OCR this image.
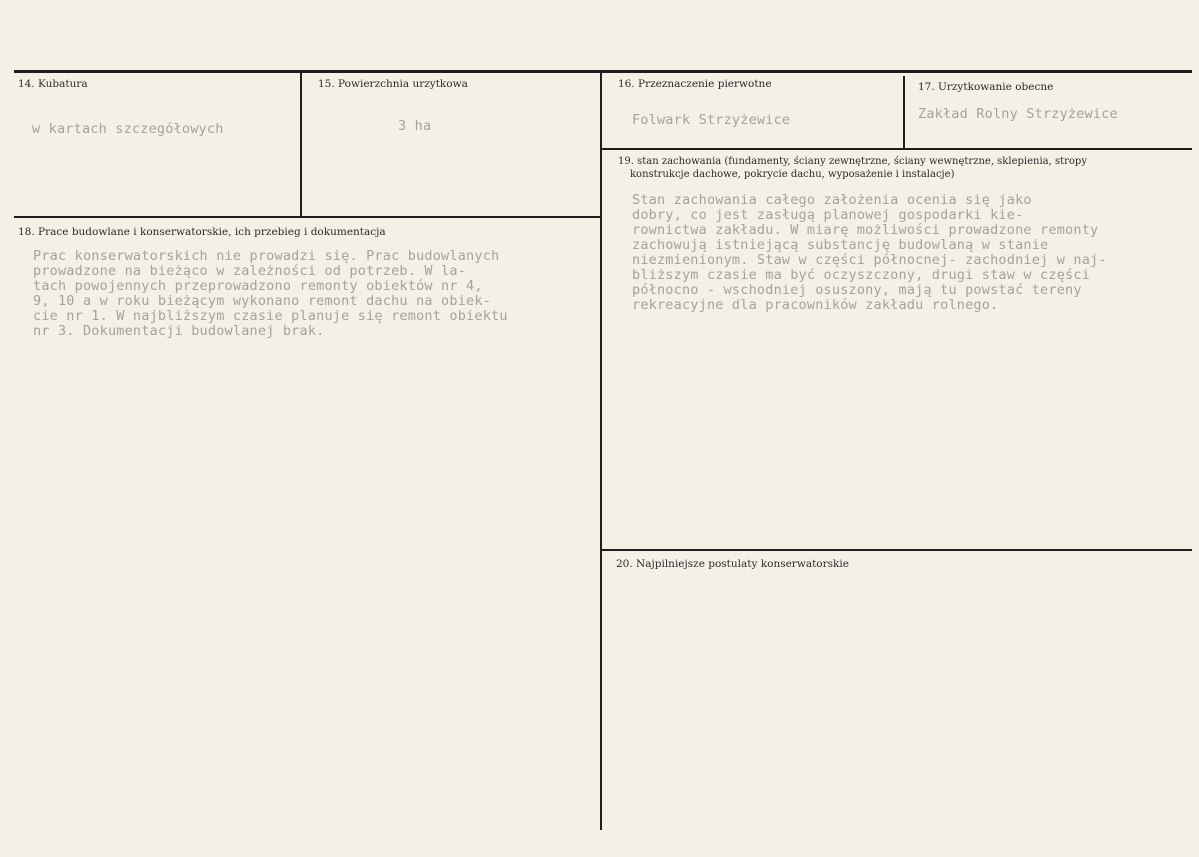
14. Kubatura
w kartach szczegółowych
15. Powierzchnia urzytkowa
3 ha
16. Przeznaczenie pierwotne
Folwark Strzyżewice
17. Urzytkowanie obecne
Zakład Rolny Strzyżewice
18. Prace budowlane i konserwatorskie, ich przebieg i dokumentacja
Prac konserwatorskich nie prowadzi się. Prac budowlanych
prowadzone na bieżąco w zależności od potrzeb. W la-
tach powojennych przeprowadzono remonty obiektów nr 4,
9, 10 a w roku bieżącym wykonano remont dachu na obiek-
cie nr 1. W najbliższym czasie planuje się remont obiektu
nr 3. Dokumentacji budowlanej brak.
19. stan zachowania (fundamenty, ściany zewnętrzne, ściany wewnętrzne, sklepienia, stropy
konstrukcje dachowe, pokrycie dachu, wyposażenie i instalacje)
Stan zachowania całego założenia ocenia się jako
dobry, co jest zasługą planowej gospodarki kie-
rownictwa zakładu. W miarę możliwości prowadzone remonty
zachowują istniejącą substancję budowlaną w stanie
niezmienionym. Staw w części północnej- zachodniej w naj-
bliższym czasie ma być oczyszczony, drugi staw w części
północno - wschodniej osuszony, mają tu powstać tereny
rekreacyjne dla pracowników zakładu rolnego.
20. Najpilniejsze postulaty konserwatorskie
